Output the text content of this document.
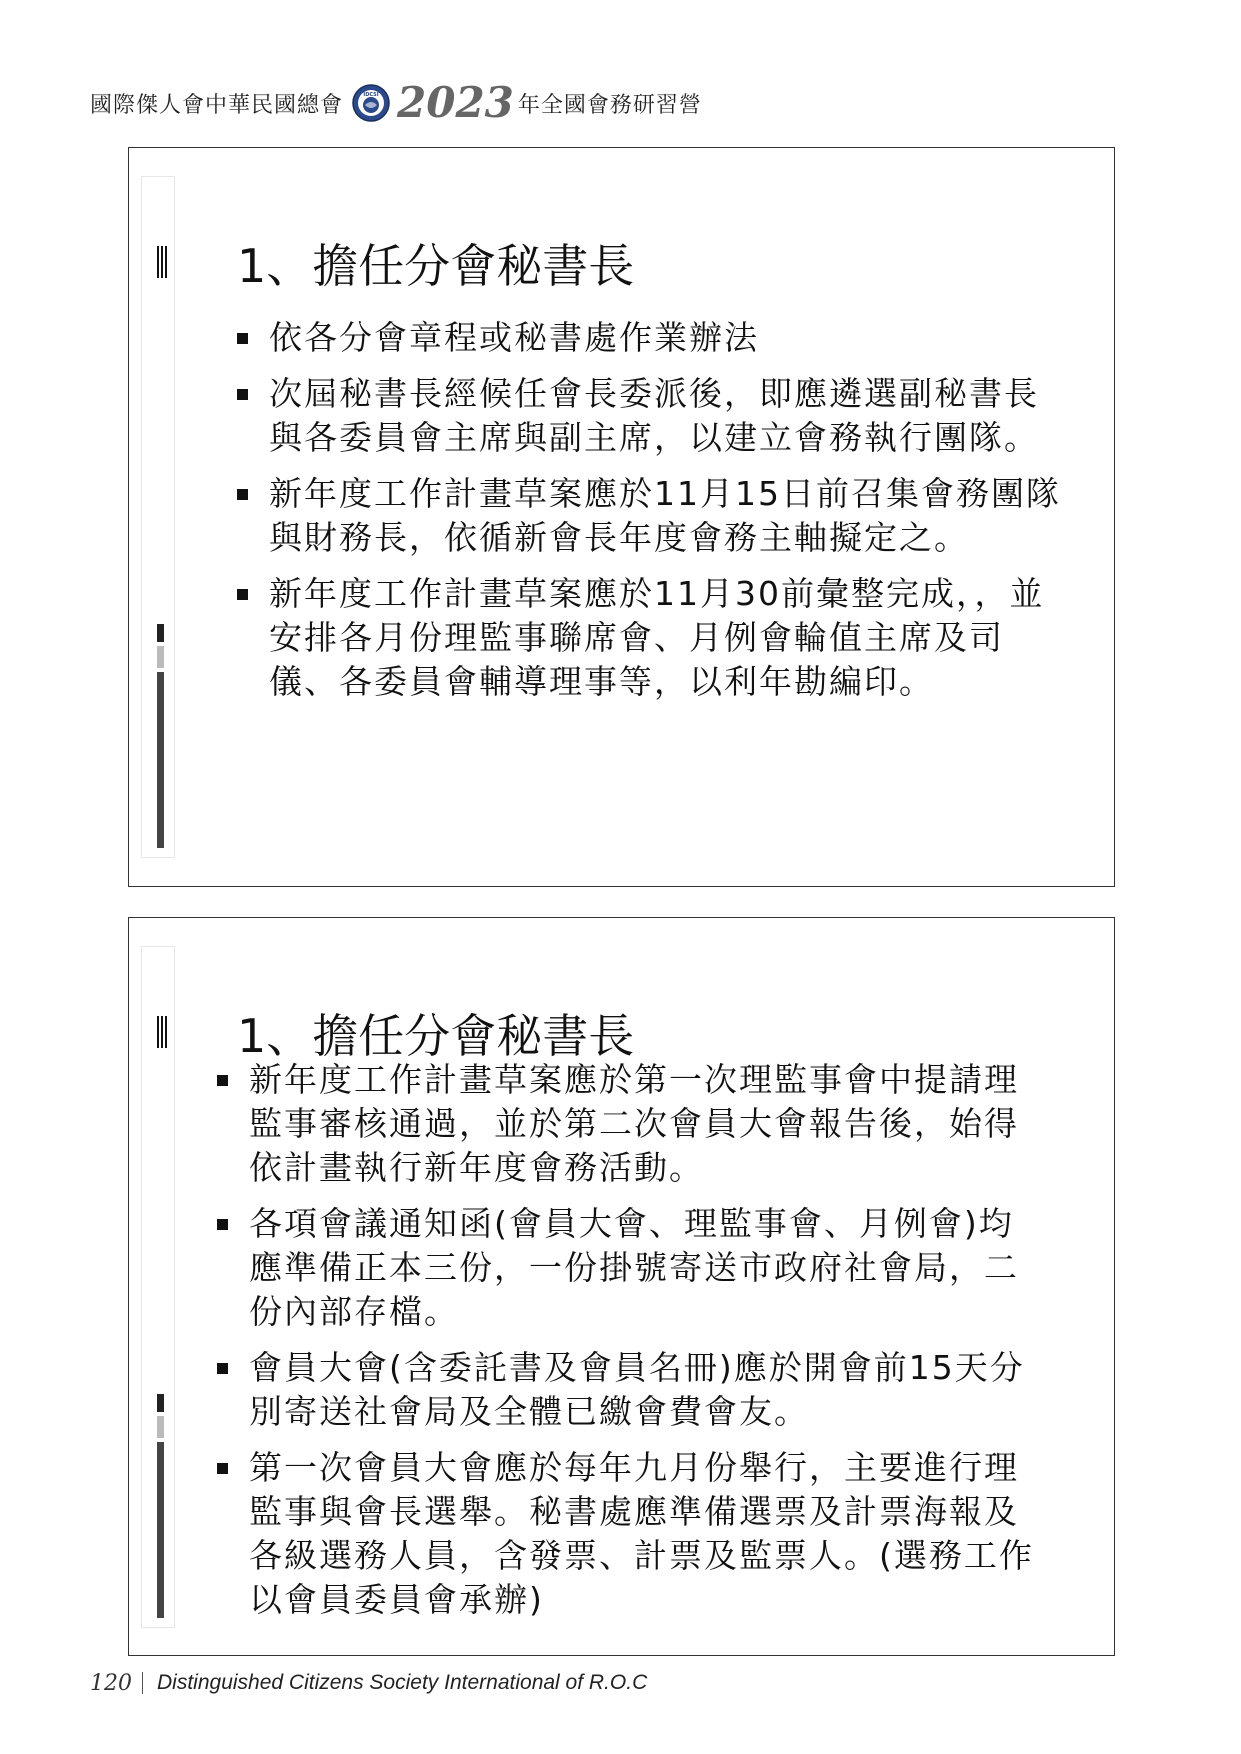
國際傑人會中華民國總會	IDCSI 2023 年全國會務研習營
1、擔任分會秘書長
依各分會章程或秘書處作業辦法
次屆秘書長經候任會長委派後，即應遴選副秘書長與各委員會主席與副主席，以建立會務執行團隊。
新年度工作計畫草案應於11月15日前召集會務團隊與財務長，依循新會長年度會務主軸擬定之。
新年度工作計畫草案應於11月30前彙整完成，，並安排各月份理監事聯席會、月例會輪值主席及司儀、各委員會輔導理事等，以利年勘編印。
1、擔任分會秘書長
新年度工作計畫草案應於第一次理監事會中提請理監事審核通過，並於第二次會員大會報告後，始得依計畫執行新年度會務活動。
各項會議通知函(會員大會、理監事會、月例會)均應準備正本三份，一份掛號寄送市政府社會局，二份內部存檔。
會員大會(含委託書及會員名冊)應於開會前15天分別寄送社會局及全體已繳會費會友。
第一次會員大會應於每年九月份舉行，主要進行理監事與會長選舉。秘書處應準備選票及計票海報及各級選務人員，含發票、計票及監票人。(選務工作以會員委員會承辦)
120 Distinguished Citizens Society International of R.O.C
